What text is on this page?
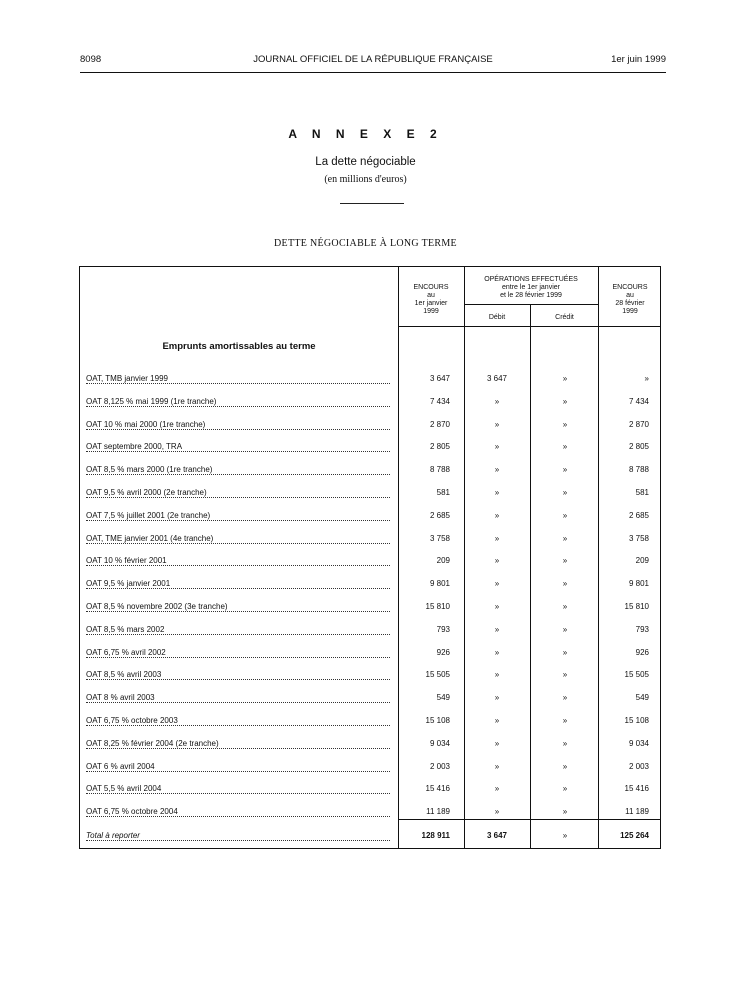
8098	JOURNAL OFFICIEL DE LA RÉPUBLIQUE FRANÇAISE	1er juin 1999
A N N E X E 2
La dette négociable
(en millions d'euros)
DETTE NÉGOCIABLE À LONG TERME
ENCOURS
au
1er janvier
1999
OPÉRATIONS EFFECTUÉES
entre le 1er janvier
et le 28 février 1999
Débit	Crédit
ENCOURS
au
28 février
1999
Emprunts amortissables au terme
OAT, TMB janvier 1999	3 647	3 647	»	»
OAT 8,125 % mai 1999 (1re tranche)	7 434	»	»	7 434
OAT 10 % mai 2000 (1re tranche)	2 870	»	»	2 870
OAT septembre 2000, TRA	2 805	»	»	2 805
OAT 8,5 % mars 2000 (1re tranche)	8 788	»	»	8 788
OAT 9,5 % avril 2000 (2e tranche)	581	»	»	581
OAT 7,5 % juillet 2001 (2e tranche)	2 685	»	»	2 685
OAT, TME janvier 2001 (4e tranche)	3 758	»	»	3 758
OAT 10 % février 2001	209	»	»	209
OAT 9,5 % janvier 2001	9 801	»	»	9 801
OAT 8,5 % novembre 2002 (3e tranche)	15 810	»	»	15 810
OAT 8,5 % mars 2002	793	»	»	793
OAT 6,75 % avril 2002	926	»	»	926
OAT 8,5 % avril 2003	15 505	»	»	15 505
OAT 8 % avril 2003	549	»	»	549
OAT 6,75 % octobre 2003	15 108	»	»	15 108
OAT 8,25 % février 2004 (2e tranche)	9 034	»	»	9 034
OAT 6 % avril 2004	2 003	»	»	2 003
OAT 5,5 % avril 2004	15 416	»	»	15 416
OAT 6,75 % octobre 2004	11 189	»	»	11 189
Total à reporter	128 911	3 647	»	125 264
